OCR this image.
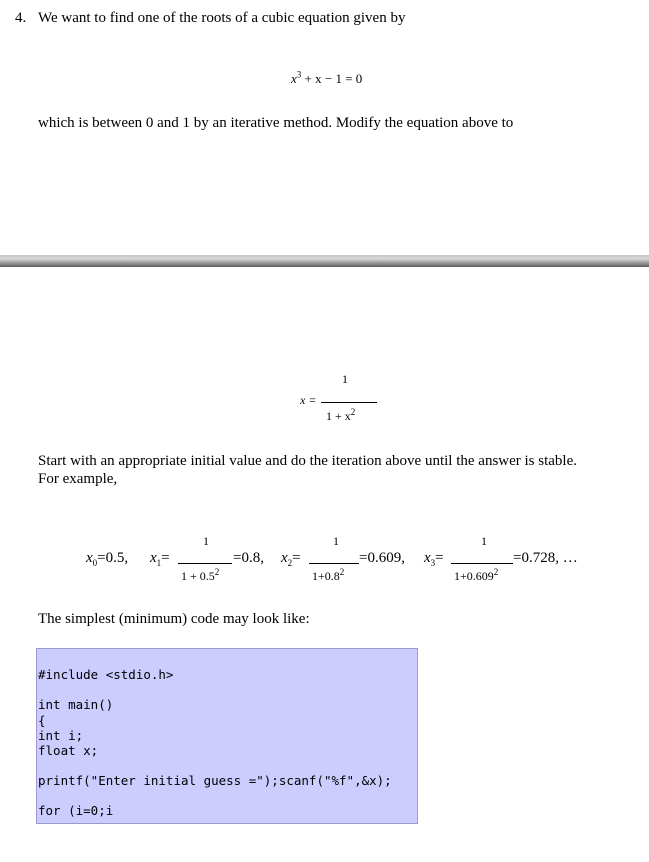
4. We want to find one of the roots of a cubic equation given by
$x^3 + x - 1 = 0$
which is between 0 and 1 by an iterative method. Modify the equation above to
1
x =
$1 + x^2$
Start with an appropriate initial value and do the iteration above until the answer is stable.
For example,
$x_0=0.5$, $x_1=$
1
$1 + 0.5^2$
=0.8, $x_2=$
1
$1+0.8^2$
=0.609, $x_3=$
1
$1+0.609^2$
=0.728, …
The simplest (minimum) code may look like:
#include <stdio.h>
int main()
{
int i;
float x;
printf("Enter initial guess =");scanf("%f",&x);
for (i=0;i
